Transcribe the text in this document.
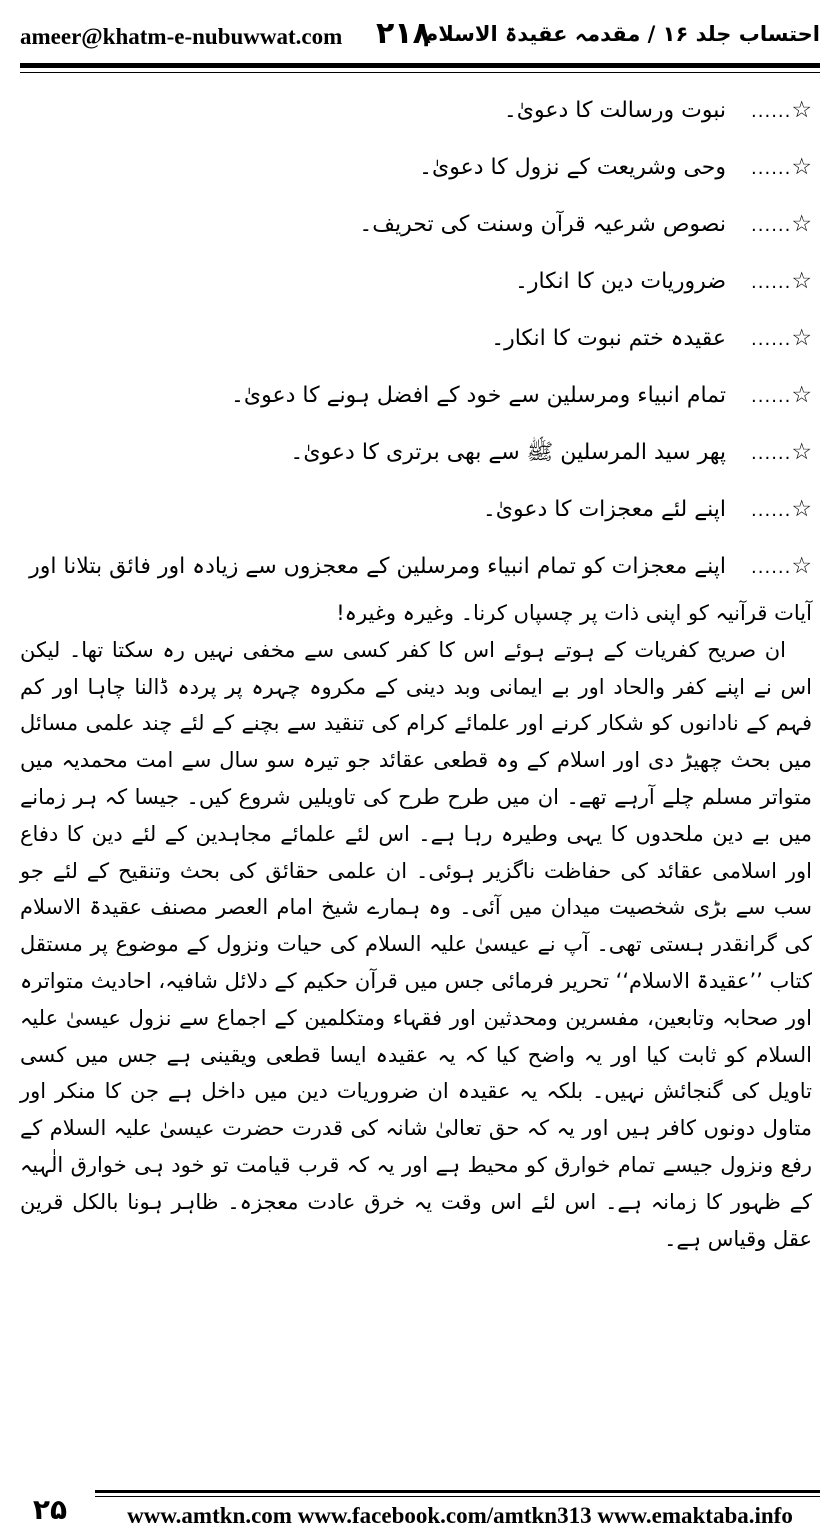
ameer@khatm-e-nubuwwat.com ۲۱۸
احتساب جلد ۱۶ / مقدمہ عقیدۃ الاسلام
☆......نبوت ورسالت کا دعویٰ۔
☆......وحی وشریعت کے نزول کا دعویٰ۔
☆......نصوص شرعیہ قرآن وسنت کی تحریف۔
☆......ضروریات دین کا انکار۔
☆......عقیدہ ختم نبوت کا انکار۔
☆......تمام انبیاء ومرسلین سے خود کے افضل ہونے کا دعویٰ۔
☆......پھر سید المرسلین ﷺ سے بھی برتری کا دعویٰ۔
☆......اپنے لئے معجزات کا دعویٰ۔
☆......اپنے معجزات کو تمام انبیاء ومرسلین کے معجزوں سے زیادہ اور فائق بتلانا اور

آیات قرآنیہ کو اپنی ذات پر چسپاں کرنا۔ وغیرہ وغیرہ!

ان صریح کفریات کے ہوتے ہوئے اس کا کفر کسی سے مخفی نہیں رہ سکتا تھا۔ لیکن اس نے اپنے کفر والحاد اور بے ایمانی وبد دینی کے مکروہ چہرہ پر پردہ ڈالنا چاہا اور کم فہم کے نادانوں کو شکار کرنے اور علمائے کرام کی تنقید سے بچنے کے لئے چند علمی مسائل میں بحث چھیڑ دی اور اسلام کے وہ قطعی عقائد جو تیرہ سو سال سے امت محمدیہ میں متواتر مسلم چلے آرہے تھے۔ ان میں طرح طرح کی تاویلیں شروع کیں۔ جیسا کہ ہر زمانے میں بے دین ملحدوں کا یہی وطیرہ رہا ہے۔ اس لئے علمائے مجاہدین کے لئے دین کا دفاع اور اسلامی عقائد کی حفاظت ناگزیر ہوئی۔ ان علمی حقائق کی بحث وتنقیح کے لئے جو سب سے بڑی شخصیت میدان میں آئی۔ وہ ہمارے شیخ امام العصر مصنف عقیدۃ الاسلام کی گرانقدر ہستی تھی۔ آپ نے عیسیٰ علیہ السلام کی حیات ونزول کے موضوع پر مستقل کتاب ’’عقیدۃ الاسلام‘‘ تحریر فرمائی جس میں قرآن حکیم کے دلائل شافیہ، احادیث متواترہ اور صحابہ وتابعین، مفسرین ومحدثین اور فقہاء ومتکلمین کے اجماع سے نزول عیسیٰ علیہ السلام کو ثابت کیا اور یہ واضح کیا کہ یہ عقیدہ ایسا قطعی ویقینی ہے جس میں کسی تاویل کی گنجائش نہیں۔ بلکہ یہ عقیدہ ان ضروریات دین میں داخل ہے جن کا منکر اور متاول دونوں کافر ہیں اور یہ کہ حق تعالیٰ شانہ کی قدرت حضرت عیسیٰ علیہ السلام کے رفع ونزول جیسے تمام خوارق کو محیط ہے اور یہ کہ قرب قیامت تو خود ہی خوارق الٰہیہ کے ظہور کا زمانہ ہے۔ اس لئے اس وقت یہ خرق عادت معجزہ۔ ظاہر ہونا بالکل قرین عقل وقیاس ہے۔

۲۵	www.amtkn.com www.facebook.com/amtkn313 www.emaktaba.info
